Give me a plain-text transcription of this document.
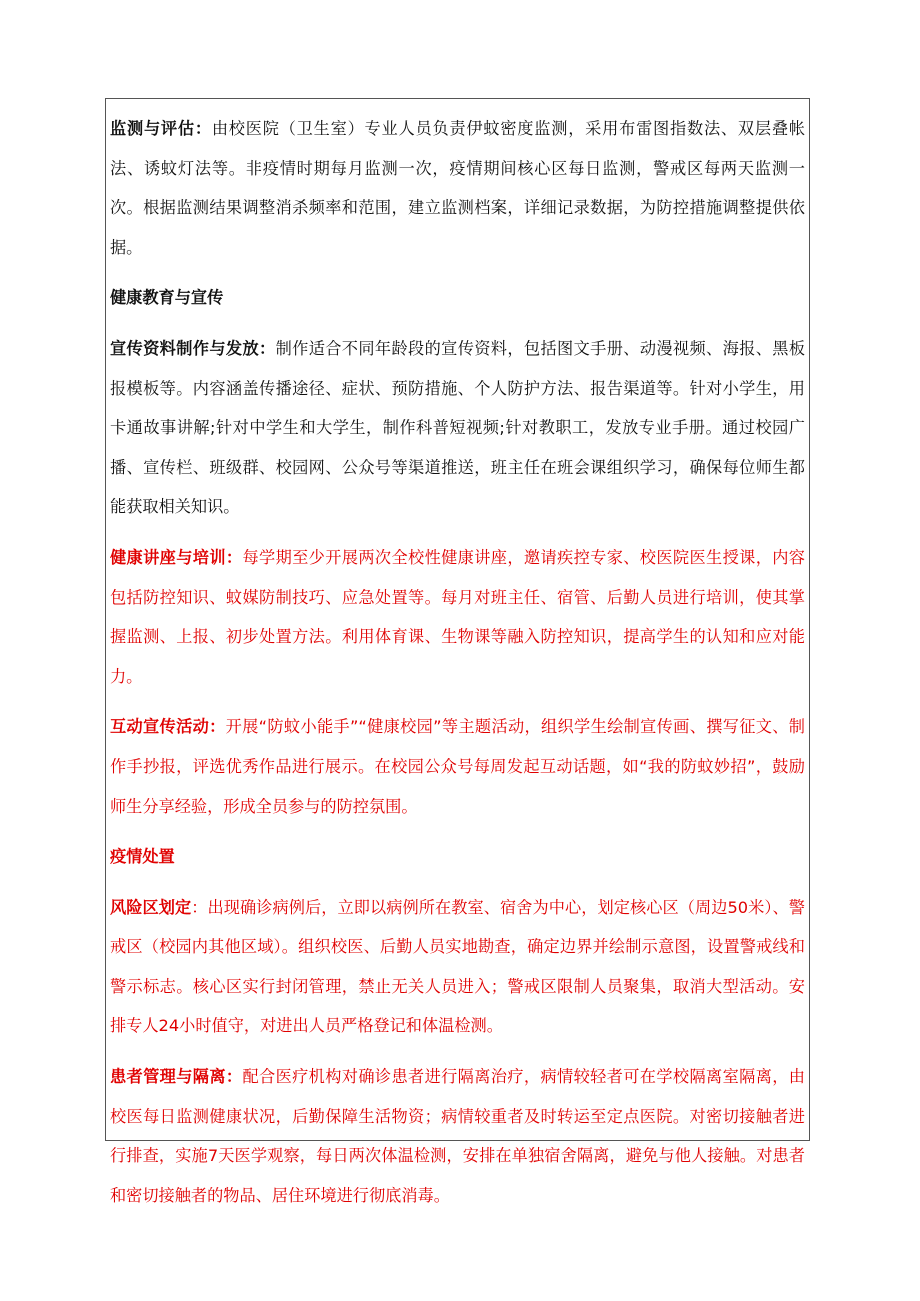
监测与评估：由校医院（卫生室）专业人员负责伊蚊密度监测，采用布雷图指数法、双层叠帐法、诱蚊灯法等。非疫情时期每月监测一次，疫情期间核心区每日监测，警戒区每两天监测一次。根据监测结果调整消杀频率和范围，建立监测档案，详细记录数据，为防控措施调整提供依据。

健康教育与宣传

宣传资料制作与发放：制作适合不同年龄段的宣传资料，包括图文手册、动漫视频、海报、黑板报模板等。内容涵盖传播途径、症状、预防措施、个人防护方法、报告渠道等。针对小学生，用卡通故事讲解;针对中学生和大学生，制作科普短视频;针对教职工，发放专业手册。通过校园广播、宣传栏、班级群、校园网、公众号等渠道推送，班主任在班会课组织学习，确保每位师生都能获取相关知识。

健康讲座与培训：每学期至少开展两次全校性健康讲座，邀请疾控专家、校医院医生授课，内容包括防控知识、蚊媒防制技巧、应急处置等。每月对班主任、宿管、后勤人员进行培训，使其掌握监测、上报、初步处置方法。利用体育课、生物课等融入防控知识，提高学生的认知和应对能力。

互动宣传活动：开展“防蚊小能手”“健康校园”等主题活动，组织学生绘制宣传画、撰写征文、制作手抄报，评选优秀作品进行展示。在校园公众号每周发起互动话题，如“我的防蚊妙招”，鼓励师生分享经验，形成全员参与的防控氛围。

疫情处置

风险区划定：出现确诊病例后，立即以病例所在教室、宿舍为中心，划定核心区（周边50米）、警戒区（校园内其他区域）。组织校医、后勤人员实地勘查，确定边界并绘制示意图，设置警戒线和警示标志。核心区实行封闭管理，禁止无关人员进入；警戒区限制人员聚集，取消大型活动。安排专人24小时值守，对进出人员严格登记和体温检测。

患者管理与隔离：配合医疗机构对确诊患者进行隔离治疗，病情较轻者可在学校隔离室隔离，由校医每日监测健康状况，后勤保障生活物资；病情较重者及时转运至定点医院。对密切接触者进行排查，实施7天医学观察，每日两次体温检测，安排在单独宿舍隔离，避免与他人接触。对患者和密切接触者的物品、居住环境进行彻底消毒。
